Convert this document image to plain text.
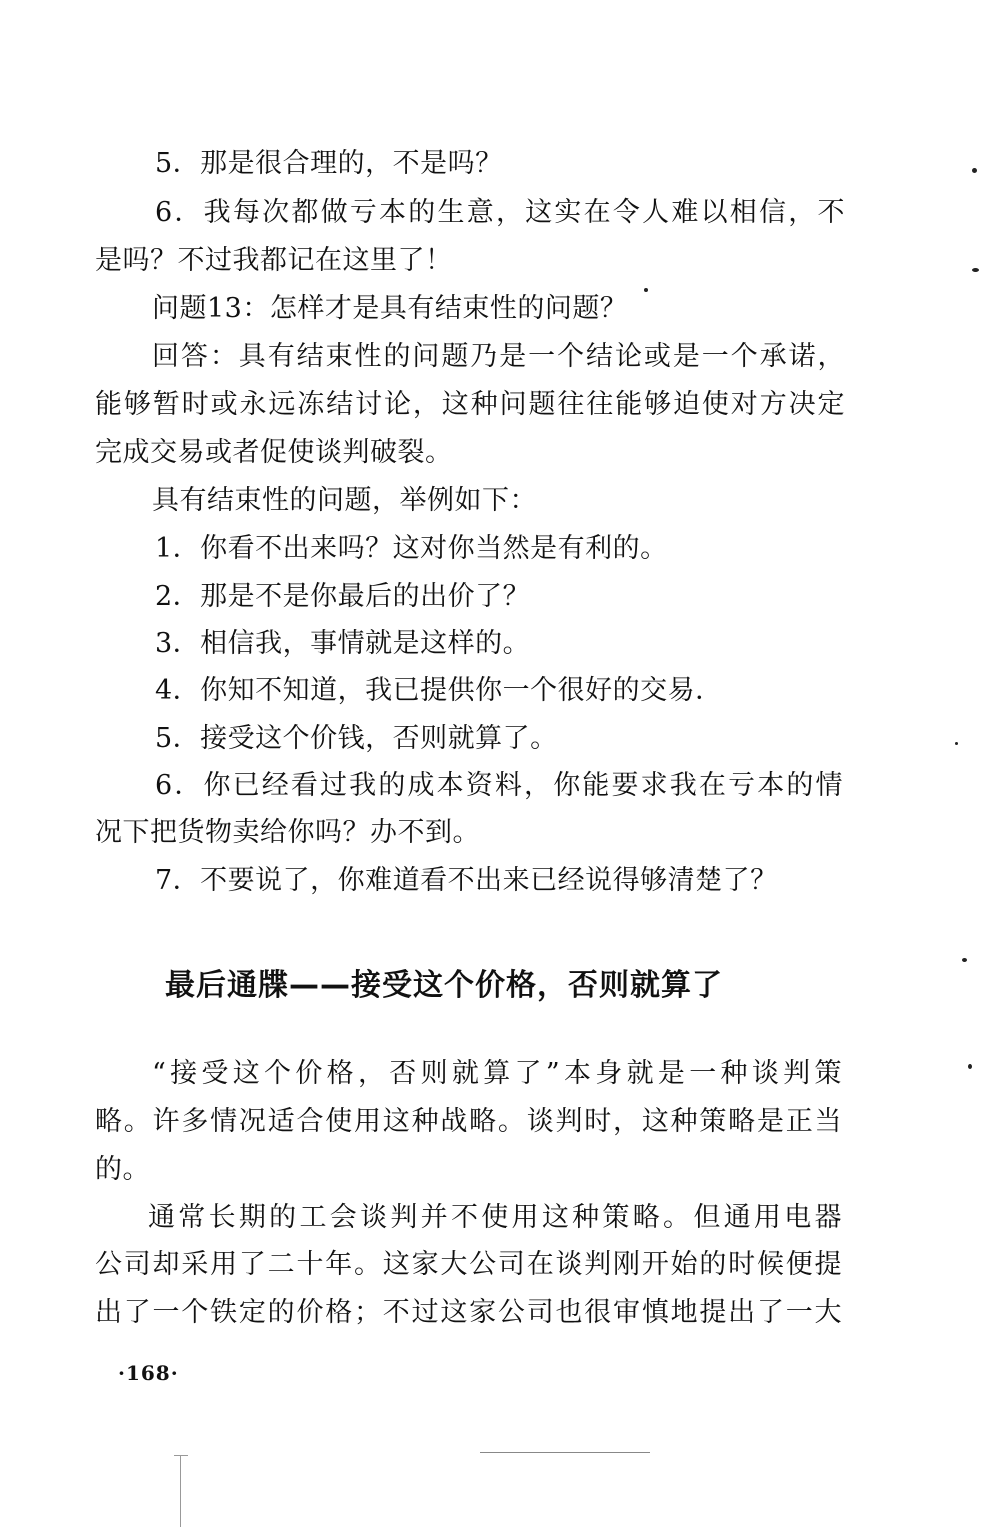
5．那是很合理的，不是吗？
6．我每次都做亏本的生意，这实在令人难以相信，不
是吗？不过我都记在这里了！
问题13：怎样才是具有结束性的问题？
回答：具有结束性的问题乃是一个结论或是一个承诺，
能够暂时或永远冻结讨论，这种问题往往能够迫使对方决定
完成交易或者促使谈判破裂。
具有结束性的问题，举例如下：
1．你看不出来吗？这对你当然是有利的。
2．那是不是你最后的出价了？
3．相信我，事情就是这样的。
4．你知不知道，我已提供你一个很好的交易．
5．接受这个价钱，否则就算了。
6．你已经看过我的成本资料，你能要求我在亏本的情
况下把货物卖给你吗？办不到。
7．不要说了，你难道看不出来已经说得够清楚了？
最后通牒——接受这个价格，否则就算了
“接受这个价格，否则就算了”本身就是一种谈判策
略。许多情况适合使用这种战略。谈判时，这种策略是正当
的。
通常长期的工会谈判并不使用这种策略。但通用电器
公司却采用了二十年。这家大公司在谈判刚开始的时候便提
出了一个铁定的价格；不过这家公司也很审慎地提出了一大
·168·
